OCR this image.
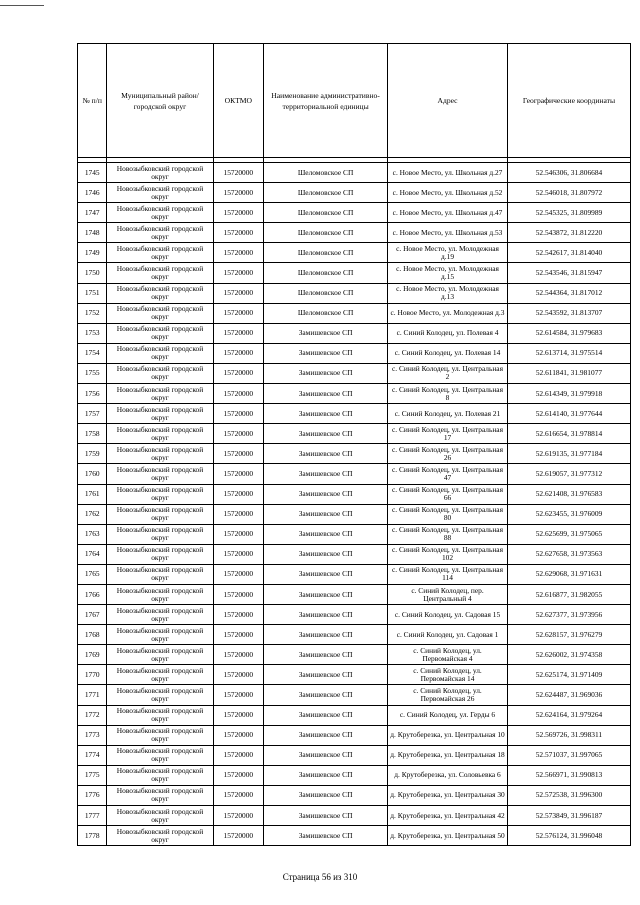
№ п/п	Муниципальный район/городской округ	ОКТМО	Наименование административно-территориальной единицы	Адрес	Географические координаты

1745	Новозыбковский городской округ	15720000	Шеломовское СП	с. Новое Место, ул. Школьная д.27	52.546306, 31.806684
1746	Новозыбковский городской округ	15720000	Шеломовское СП	с. Новое Место, ул. Школьная д.52	52.546018, 31.807972
1747	Новозыбковский городской округ	15720000	Шеломовское СП	с. Новое Место, ул. Школьная д.47	52.545325, 31.809989
1748	Новозыбковский городской округ	15720000	Шеломовское СП	с. Новое Место, ул. Школьная д.53	52.543872, 31.812220
1749	Новозыбковский городской округ	15720000	Шеломовское СП	с. Новое Место, ул. Молодежная д.19	52.542617, 31.814040
1750	Новозыбковский городской округ	15720000	Шеломовское СП	с. Новое Место, ул. Молодежная д.15	52.543546, 31.815947
1751	Новозыбковский городской округ	15720000	Шеломовское СП	с. Новое Место, ул. Молодежная д.13	52.544364, 31.817012
1752	Новозыбковский городской округ	15720000	Шеломовское СП	с. Новое Место, ул. Молодежная д.3	52.543592, 31.813707
1753	Новозыбковский городской округ	15720000	Замишевское СП	с. Синий Колодец, ул. Полевая 4	52.614584, 31.979683
1754	Новозыбковский городской округ	15720000	Замишевское СП	с. Синий Колодец, ул. Полевая 14	52.613714, 31.975514
1755	Новозыбковский городской округ	15720000	Замишевское СП	с. Синий Колодец, ул. Центральная 2	52.611841, 31.981077
1756	Новозыбковский городской округ	15720000	Замишевское СП	с. Синий Колодец, ул. Центральная 8	52.614349, 31.979918
1757	Новозыбковский городской округ	15720000	Замишевское СП	с. Синий Колодец, ул. Полевая 21	52.614140, 31.977644
1758	Новозыбковский городской округ	15720000	Замишевское СП	с. Синий Колодец, ул. Центральная 17	52.616654, 31.978814
1759	Новозыбковский городской округ	15720000	Замишевское СП	с. Синий Колодец, ул. Центральная 26	52.619135, 31.977184
1760	Новозыбковский городской округ	15720000	Замишевское СП	с. Синий Колодец, ул. Центральная 47	52.619057, 31.977312
1761	Новозыбковский городской округ	15720000	Замишевское СП	с. Синий Колодец, ул. Центральная 66	52.621408, 31.976583
1762	Новозыбковский городской округ	15720000	Замишевское СП	с. Синий Колодец, ул. Центральная 80	52.623455, 31.976009
1763	Новозыбковский городской округ	15720000	Замишевское СП	с. Синий Колодец, ул. Центральная 88	52.625699, 31.975065
1764	Новозыбковский городской округ	15720000	Замишевское СП	с. Синий Колодец, ул. Центральная 102	52.627658, 31.973563
1765	Новозыбковский городской округ	15720000	Замишевское СП	с. Синий Колодец, ул. Центральная 114	52.629068, 31.971631
1766	Новозыбковский городской округ	15720000	Замишевское СП	с. Синий Колодец, пер. Центральный 4	52.616877, 31.982055
1767	Новозыбковский городской округ	15720000	Замишевское СП	с. Синий Колодец, ул. Садовая 15	52.627377, 31.973956
1768	Новозыбковский городской округ	15720000	Замишевское СП	с. Синий Колодец, ул. Садовая 1	52.628157, 31.976279
1769	Новозыбковский городской округ	15720000	Замишевское СП	с. Синий Колодец, ул. Первомайская 4	52.626002, 31.974358
1770	Новозыбковский городской округ	15720000	Замишевское СП	с. Синий Колодец, ул. Первомайская 14	52.625174, 31.971409
1771	Новозыбковский городской округ	15720000	Замишевское СП	с. Синий Колодец, ул. Первомайская 26	52.624487, 31.969036
1772	Новозыбковский городской округ	15720000	Замишевское СП	с. Синий Колодец, ул. Герды 6	52.624164, 31.979264
1773	Новозыбковский городской округ	15720000	Замишевское СП	д. Крутоберезка, ул. Центральная 10	52.569726, 31.998311
1774	Новозыбковский городской округ	15720000	Замишевское СП	д. Крутоберезка, ул. Центральная 18	52.571037, 31.997065
1775	Новозыбковский городской округ	15720000	Замишевское СП	д. Крутоберезка, ул. Соловьевка 6	52.566971, 31.990813
1776	Новозыбковский городской округ	15720000	Замишевское СП	д. Крутоберезка, ул. Центральная 30	52.572538, 31.996300
1777	Новозыбковский городской округ	15720000	Замишевское СП	д. Крутоберезка, ул. Центральная 42	52.573849, 31.996187
1778	Новозыбковский городской округ	15720000	Замишевское СП	д. Крутоберезка, ул. Центральная 50	52.576124, 31.996048
Страница 56 из 310
